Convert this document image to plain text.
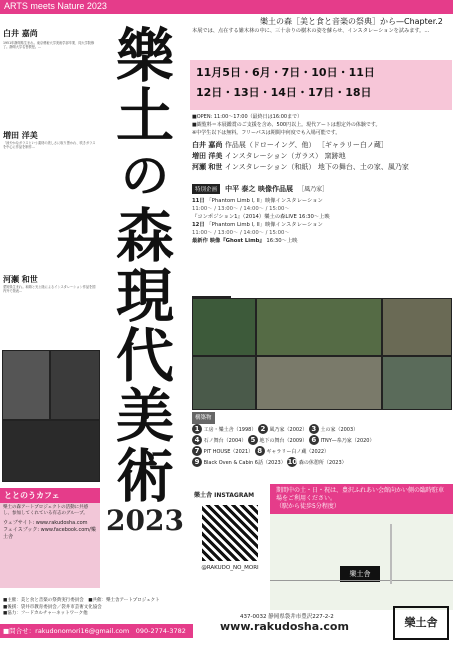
ARTS meets Nature 2023
白井 嘉尚
1951年静岡県生まれ。東京藝術大学美術学部卒業、同大学院修了。静岡大学名誉教授。...
増田 洋美
「涼やかなガラスという素材の美しさに取り憑かれ、吹きガラスを中心に作品を制作...
河瀬 和世
愛知県生まれ。和紙と光と陰によるインスタレーション作品を国内外で発表...
樂
土
の
森
現
代
美
術
2023
樂土の森［美と食と音楽の祭典］から—Chapter.2
本展では、点在する雑木林の中に、三十余りの樹木の姿を蘇らせ、インスタレーションを試みます。...
11月5日・6月・7日・10日・11日
12日・13日・14日・17日・18日
■OPEN: 11:00〜17:00（最終日は16:00まで）
■観覧料＝本展鑑賞のご支援を含め、500円以上。現代アートは想定外の体験です。
※中学生以下は無料。フリーパスは期間中何度でも入場可能です。
白井 嘉尚 作品展（ドローイング、他） ［ギャラリー白ノ蔵］
増田 洋美 インスタレーション（ガラス） 窯跡地
河瀬 和世 インスタレーション（和紙） 地下の舞台、土の家、風乃家
特別企画 中平 泰之 映像作品展 ［風乃家］
11日 「Phantom Limb I, II」映像インスタレーション
11:00〜 / 13:00〜 / 14:00〜 / 15:00〜
『コンポジション1』（2014）樂土の森LIVE 16:30〜上映
12日 「Phantom Limb I, II」映像インスタレーション
11:00〜 / 13:00〜 / 14:00〜 / 15:00〜
最新作 映像『Ghost Limb』 16:30〜上映
構築物
1 工房・樂土舎（1998） 2 風乃家（2002） 3 土の家（2003）
4 石ノ舞台（2004） 5 地下の舞台（2009） 6 ITNY—糸乃家（2020）
7 PIT HOUSE（2021） 8 ギャラリー白ノ蔵（2022）
9 Black Oven & Cabin 6話（2023） 10 森の休憩所（2023）
ととのうカフェ
樂土の森アートプロジェクトの活動に共感し、参加してくれている有志のグループ。
ウェブサイト: www.rakudosha.com
フェイスブック: www.facebook.com/樂土舎
■主催：美と食と音楽の祭典実行委員会　■共催：樂土舎アートプロジェクト
■後援：袋井市教育委員会／袋井市芸術文化協会
■協力：フードカルチャーネットワーク他
■問合せ：rakudonomori16@gmail.com　090-2774-3782（樂土舎）
樂土舎 INSTAGRAM
@RAKUDO_NO_MORI
期間中の土・日・祝は、豊沢ふれあい会館向かい側の臨時駐車場をご利用ください。
（駅から徒歩5分程度）
樂土舎
437-0032 静岡県袋井市豊沢227-2-2
www.rakudosha.com	樂土舎
